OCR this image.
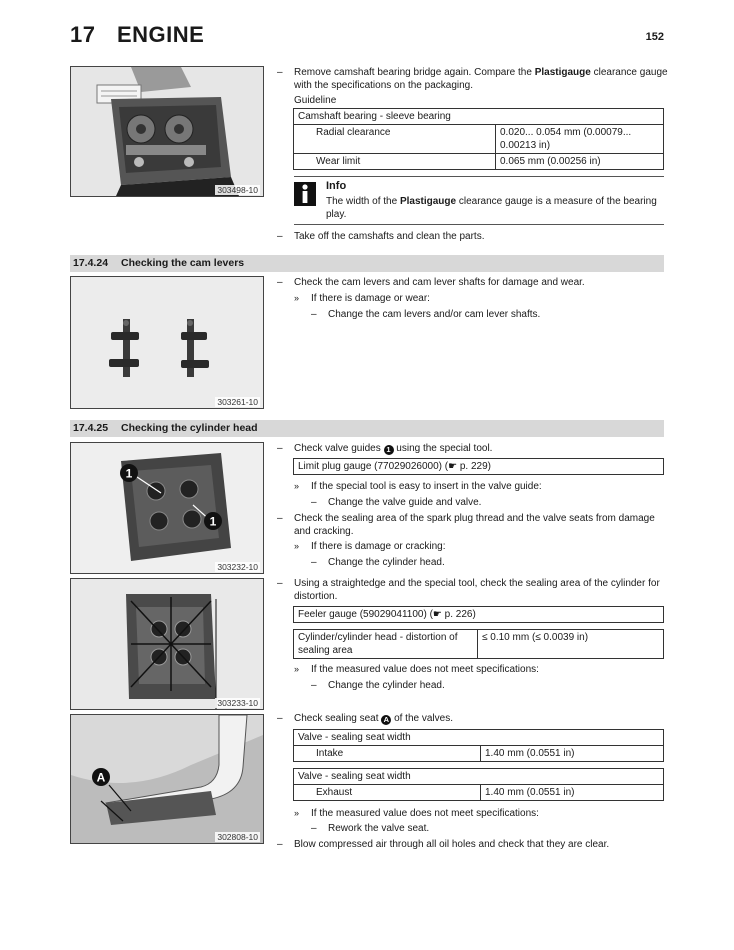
17 ENGINE	152
303498-10
– Remove camshaft bearing bridge again. Compare the Plastigauge clearance gauge
with the specifications on the packaging.
Guideline
Camshaft bearing - sleeve bearing	
Radial clearance	0.020... 0.054 mm (0.00079... 0.00213 in)
Wear limit	0.065 mm (0.00256 in)
Info
The width of the Plastigauge clearance gauge is a measure of the bearing
play.
– Take off the camshafts and clean the parts.
17.4.24 Checking the cam levers
303261-10
– Check the cam levers and cam lever shafts for damage and wear.
» If there is damage or wear:
– Change the cam levers and/or cam lever shafts.
17.4.25 Checking the cylinder head
1
1
303232-10
– Check valve guides 1 using the special tool.
Limit plug gauge (77029026000) (☛ p. 229)
» If the special tool is easy to insert in the valve guide:
– Change the valve guide and valve.
– Check the sealing area of the spark plug thread and the valve seats from damage
and cracking.
» If there is damage or cracking:
– Change the cylinder head.
303233-10
– Using a straightedge and the special tool, check the sealing area of the cylinder for
distortion.
Feeler gauge (59029041100) (☛ p. 226)
Cylinder/cylinder head - distortion of sealing area	≤ 0.10 mm (≤ 0.0039 in)
» If the measured value does not meet specifications:
– Change the cylinder head.
A
302808-10
– Check sealing seat A of the valves.
Valve - sealing seat width
Intake	1.40 mm (0.0551 in)
Valve - sealing seat width
Exhaust	1.40 mm (0.0551 in)
» If the measured value does not meet specifications:
– Rework the valve seat.
– Blow compressed air through all oil holes and check that they are clear.
